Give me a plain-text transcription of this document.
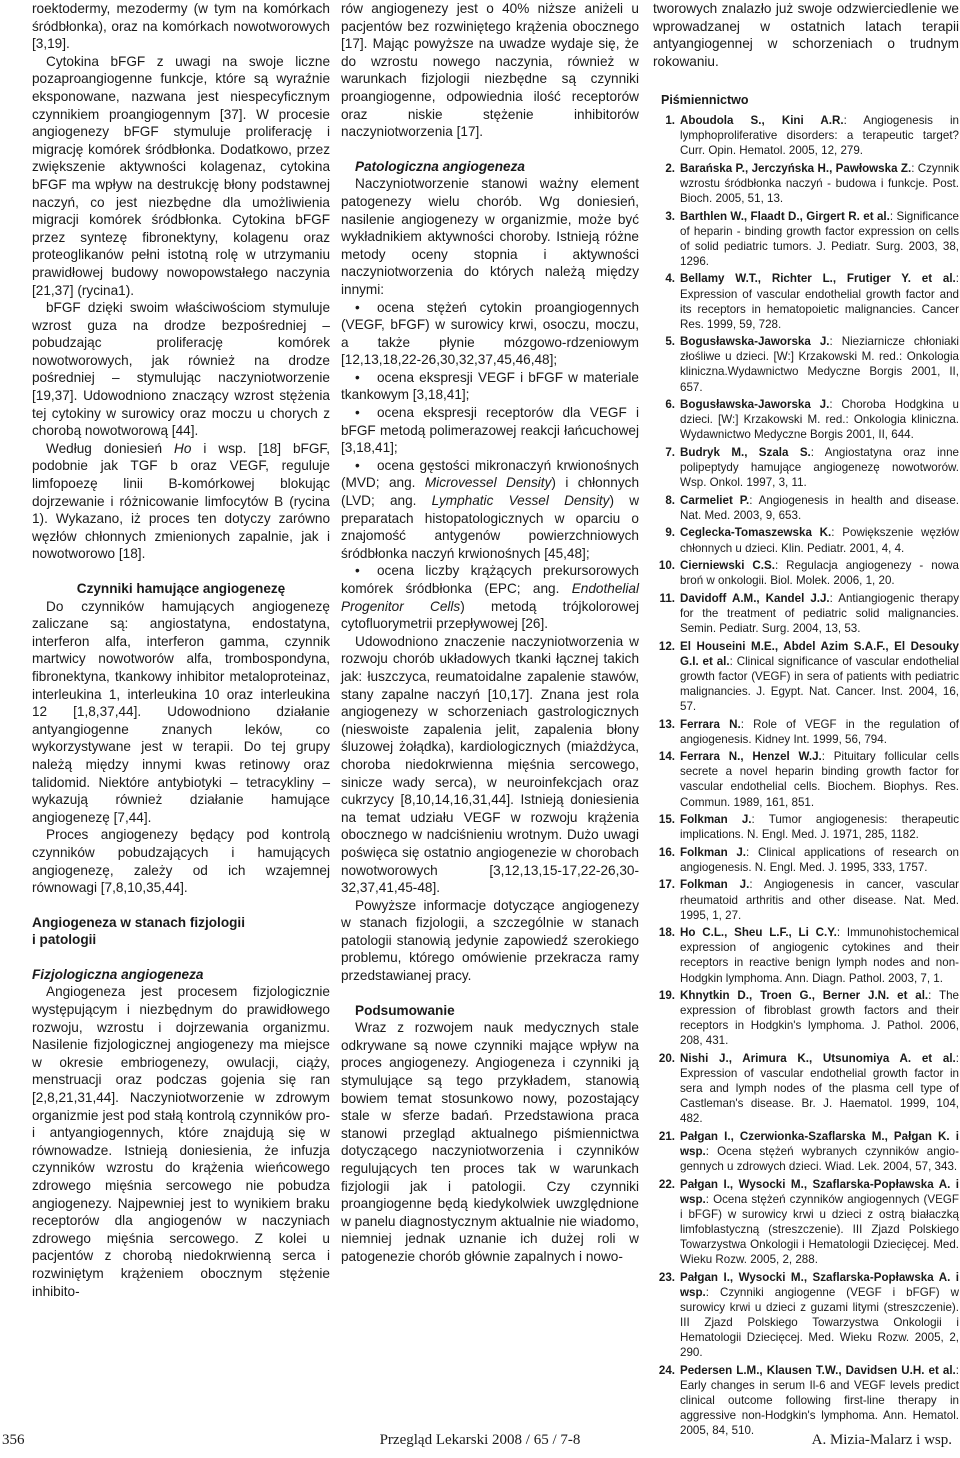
roektodermy, mezodermy (w tym na komórkach śródbłonka), oraz na komórkach nowotworowych [3,19].

Cytokina bFGF z uwagi na swoje liczne pozaproangiogenne funkcje, które są wyraźnie eksponowane, nazwana jest niespecyficznym czynnikiem proangiogennym [37]. W procesie angiogenezy bFGF stymuluje proliferację i migrację komórek śródbłonka. Dodatkowo, przez zwiększenie aktywności kolagenaz, cytokina bFGF ma wpływ na destrukcję błony podstawnej naczyń, co jest niezbędne dla umożliwienia migracji komórek śródbłonka. Cytokina bFGF przez syntezę fibronektyny, kolagenu oraz proteoglikanów pełni istotną rolę w utrzymaniu prawidłowej budowy nowopowstałego naczynia [21,37] (rycina1).

bFGF dzięki swoim właściwościom stymuluje wzrost guza na drodze bezpośredniej – pobudzając proliferację komórek nowotworowych, jak również na drodze pośredniej – stymulując naczyniotworzenie [19,37]. Udowodniono znaczący wzrost stężenia tej cytokiny w surowicy oraz moczu u chorych z chorobą nowotworową [44].

Według doniesień Ho i wsp. [18] bFGF, podobnie jak TGF b oraz VEGF, reguluje limfopoezę linii B-komórkowej blokując dojrzewanie i różnicowanie limfocytów B (rycina 1). Wykazano, iż proces ten dotyczy zarówno węzłów chłonnych zmienionych zapalnie, jak i nowotworowo [18].

Czynniki hamujące angiogenezę

Do czynników hamujących angiogenezę zaliczane są: angiostatyna, endostatyna, interferon alfa, interferon gamma, czynnik martwicy nowotworów alfa, trombospondyna, fibronektyna, tkankowy inhibitor metaloproteinaz, interleukina 1, interleukina 10 oraz interleukina 12 [1,8,37,44]. Udowodniono działanie antyangiogenne znanych leków, co wykorzystywane jest w terapii. Do tej grupy należą między innymi kwas retinowy oraz talidomid. Niektóre antybiotyki – tetracykliny – wykazują również działanie hamujące angiogenezę [7,44].

Proces angiogenezy będący pod kontrolą czynników pobudzających i hamujących angiogenezę, zależy od ich wzajemnej równowagi [7,8,10,35,44].

Angiogeneza w stanach fizjologii
i patologii

Fizjologiczna angiogeneza

Angiogeneza jest procesem fizjologicznie występującym i niezbędnym do prawidłowego rozwoju, wzrostu i dojrzewania organizmu. Nasilenie fizjologicznej angiogenezy ma miejsce w okresie embriogenezy, owulacji, ciąży, menstruacji oraz podczas gojenia się ran [2,8,21,31,44]. Naczyniotworzenie w zdrowym organizmie jest pod stałą kontrolą czynników pro- i antyangiogennych, które znajdują się w równowadze. Istnieją doniesienia, że infuzja czynników wzrostu do krążenia wieńcowego zdrowego mięśnia sercowego nie pobudza angiogenezy. Najpewniej jest to wynikiem braku receptorów dla angiogenów w naczyniach zdrowego mięśnia sercowego. Z kolei u pacjentów z chorobą niedokrwienną serca i rozwiniętym krążeniem obocznym stężenie inhibito-

rów angiogenezy jest o 40% niższe aniżeli u pacjentów bez rozwiniętego krążenia obocznego [17]. Mając powyższe na uwadze wydaje się, że do wzrostu nowego naczynia, również w warunkach fizjologii niezbędne są czynniki proangiogenne, odpowiednia ilość receptorów oraz niskie stężenie inhibitorów naczyniotworzenia [17].

Patologiczna angiogeneza

Naczyniotworzenie stanowi ważny element patogenezy wielu chorób. Wg doniesień, nasilenie angiogenezy w organizmie, może być wykładnikiem aktywności choroby. Istnieją różne metody oceny stopnia i aktywności naczyniotworzenia do których należą między innymi:

• ocena stężeń cytokin proangiogennych (VEGF, bFGF) w surowicy krwi, osoczu, moczu, a także płynie mózgowo-rdzeniowym [12,13,18,22-26,30,32,37,45,46,48];
• ocena ekspresji VEGF i bFGF w materiale tkankowym [3,18,41];
• ocena ekspresji receptorów dla VEGF i bFGF metodą polimerazowej reakcji łańcuchowej [3,18,41];
• ocena gęstości mikronaczyń krwionośnych (MVD; ang. Microvessel Density) i chłonnych (LVD; ang. Lymphatic Vessel Density) w preparatach histopatologicznych w oparciu o znajomość antygenów powierzchniowych śródbłonka naczyń krwionośnych [45,48];
• ocena liczby krążących prekursorowych komórek śródbłonka (EPC; ang. Endothelial Progenitor Cells) metodą trójkolorowej cytofluorymetrii przepływowej [26].

Udowodniono znaczenie naczyniotworzenia w rozwoju chorób układowych tkanki łącznej takich jak: łuszczyca, reumatoidalne zapalenie stawów, stany zapalne naczyń [10,17]. Znana jest rola angiogenezy w schorzeniach gastrologicznych (nieswoiste zapalenia jelit, zapalenia błony śluzowej żołądka), kardiologicznych (miażdżyca, choroba niedokrwienna mięśnia sercowego, sinicze wady serca), w neuroinfekcjach oraz cukrzycy [8,10,14,16,31,44]. Istnieją doniesienia na temat udziału VEGF w rozwoju krążenia obocznego w nadciśnieniu wrotnym. Dużo uwagi poświęca się ostatnio angiogenezie w chorobach nowotworowych [3,12,13,15-17,22-26,30-32,37,41,45-48].

Powyższe informacje dotyczące angiogenezy w stanach fizjologii, a szczególnie w stanach patologii stanowią jedynie zapowiedź szerokiego problemu, którego omówienie przekracza ramy przedstawianej pracy.

Podsumowanie

Wraz z rozwojem nauk medycznych stale odkrywane są nowe czynniki mające wpływ na proces angiogenezy. Angiogeneza i czynniki ją stymulujące są tego przykładem, stanowią bowiem temat stosunkowo nowy, pozostający stale w sferze badań. Przedstawiona praca stanowi przegląd aktualnego piśmiennictwa dotyczącego naczyniotworzenia i czynników regulujących ten proces tak w warunkach fizjologii jak i patologii. Czy czynniki proangiogenne będą kiedykolwiek uwzględnione w panelu diagnostycznym aktualnie nie wiadomo, niemniej jednak uznanie ich dużej roli w patogenezie chorób głównie zapalnych i nowo-

tworowych znalazło już swoje odzwierciedlenie we wprowadzanej w ostatnich latach terapii antyangiogennej w schorzeniach o trudnym rokowaniu.

Piśmiennictwo

1. Aboudola S., Kini A.R.: Angiogenesis in lymphoproliferative disorders: a terapeutic target? Curr. Opin. Hematol. 2005, 12, 279.
2. Barańska P., Jerczyńska H., Pawłowska Z.: Czynnik wzrostu śródbłonka naczyń - budowa i funkcje. Post. Bioch. 2005, 51, 13.
3. Barthlen W., Flaadt D., Girgert R. et al.: Significance of heparin - binding growth factor expression on cells of solid pediatric tumors. J. Pediatr. Surg. 2003, 38, 1296.
4. Bellamy W.T., Richter L., Frutiger Y. et al.: Expression of vascular endothelial growth factor and its receptors in hematopoietic malignancies. Cancer Res. 1999, 59, 728.
5. Bogusławska-Jaworska J.: Nieziarnicze chłoniaki złośliwe u dzieci. [W:] Krzakowski M. red.: Onkologia kliniczna.Wydawnictwo Medyczne Borgis 2001, II, 657.
6. Bogusławska-Jaworska J.: Choroba Hodgkina u dzieci. [W:] Krzakowski M. red.: Onkologia kliniczna. Wydawnictwo Medyczne Borgis 2001, II, 644.
7. Budryk M., Szala S.: Angiostatyna oraz inne polipeptydy hamujące angiogenezę nowotworów. Wsp. Onkol. 1997, 3, 11.
8. Carmeliet P.: Angiogenesis in health and disease. Nat. Med. 2003, 9, 653.
9. Ceglecka-Tomaszewska K.: Powiększenie węzłów chłonnych u dzieci. Klin. Pediatr. 2001, 4, 4.
10. Cierniewski C.S.: Regulacja angiogenezy - nowa broń w onkologii. Biol. Molek. 2006, 1, 20.
11. Davidoff A.M., Kandel J.J.: Antiangiogenic therapy for the treatment of pediatric solid malignancies. Semin. Pediatr. Surg. 2004, 13, 53.
12. El Houseini M.E., Abdel Azim S.A.F., El Desouky G.I. et al.: Clinical significance of vascular endothelial growth factor (VEGF) in sera of patients with pediatric malignancies. J. Egypt. Nat. Cancer. Inst. 2004, 16, 57.
13. Ferrara N.: Role of VEGF in the regulation of angiogenesis. Kidney Int. 1999, 56, 794.
14. Ferrara N., Henzel W.J.: Pituitary follicular cells secrete a novel heparin binding growth factor for vascular endothelial cells. Biochem. Biophys. Res. Commun. 1989, 161, 851.
15. Folkman J.: Tumor angiogenesis: therapeutic implications. N. Engl. Med. J. 1971, 285, 1182.
16. Folkman J.: Clinical applications of research on angiogenesis. N. Engl. Med. J. 1995, 333, 1757.
17. Folkman J.: Angiogenesis in cancer, vascular rheumatoid arthritis and other disease. Nat. Med. 1995, 1, 27.
18. Ho C.L., Sheu L.F., Li C.Y.: Immunohistochemical expression of angiogenic cytokines and their receptors in reactive benign lymph nodes and non-Hodgkin lymphoma. Ann. Diagn. Pathol. 2003, 7, 1.
19. Khnytkin D., Troen G., Berner J.N. et al.: The expression of fibroblast growth factors and their receptors in Hodgkin's lymphoma. J. Pathol. 2006, 208, 431.
20. Nishi J., Arimura K., Utsunomiya A. et al.: Expression of vascular endothelial growth factor in sera and lymph nodes of the plasma cell type of Castleman's disease. Br. J. Haematol. 1999, 104, 482.
21. Pałgan I., Czerwionka-Szaflarska M., Pałgan K. i wsp.: Ocena stężeń wybranych czynników angio-gennych u zdrowych dzieci. Wiad. Lek. 2004, 57, 343.
22. Pałgan I., Wysocki M., Szaflarska-Popławska A. i wsp.: Ocena stężeń czynników angiogennych (VEGF i bFGF) w surowicy krwi u dzieci z ostrą białaczką limfoblastyczną (streszczenie). III Zjazd Polskiego Towarzystwa Onkologii i Hematologii Dziecięcej. Med. Wieku Rozw. 2005, 2, 288.
23. Pałgan I., Wysocki M., Szaflarska-Popławska A. i wsp.: Czynniki angiogenne (VEGF i bFGF) w surowicy krwi u dzieci z guzami litymi (streszczenie). III Zjazd Polskiego Towarzystwa Onkologii i Hematologii Dziecięcej. Med. Wieku Rozw. 2005, 2, 290.
24. Pedersen L.M., Klausen T.W., Davidsen U.H. et al.: Early changes in serum Il-6 and VEGF levels predict clinical outcome following first-line therapy in aggressive non-Hodgkin's lymphoma. Ann. Hematol. 2005, 84, 510.
356	Przegląd Lekarski 2008 / 65 / 7-8	A. Mizia-Malarz i wsp.
